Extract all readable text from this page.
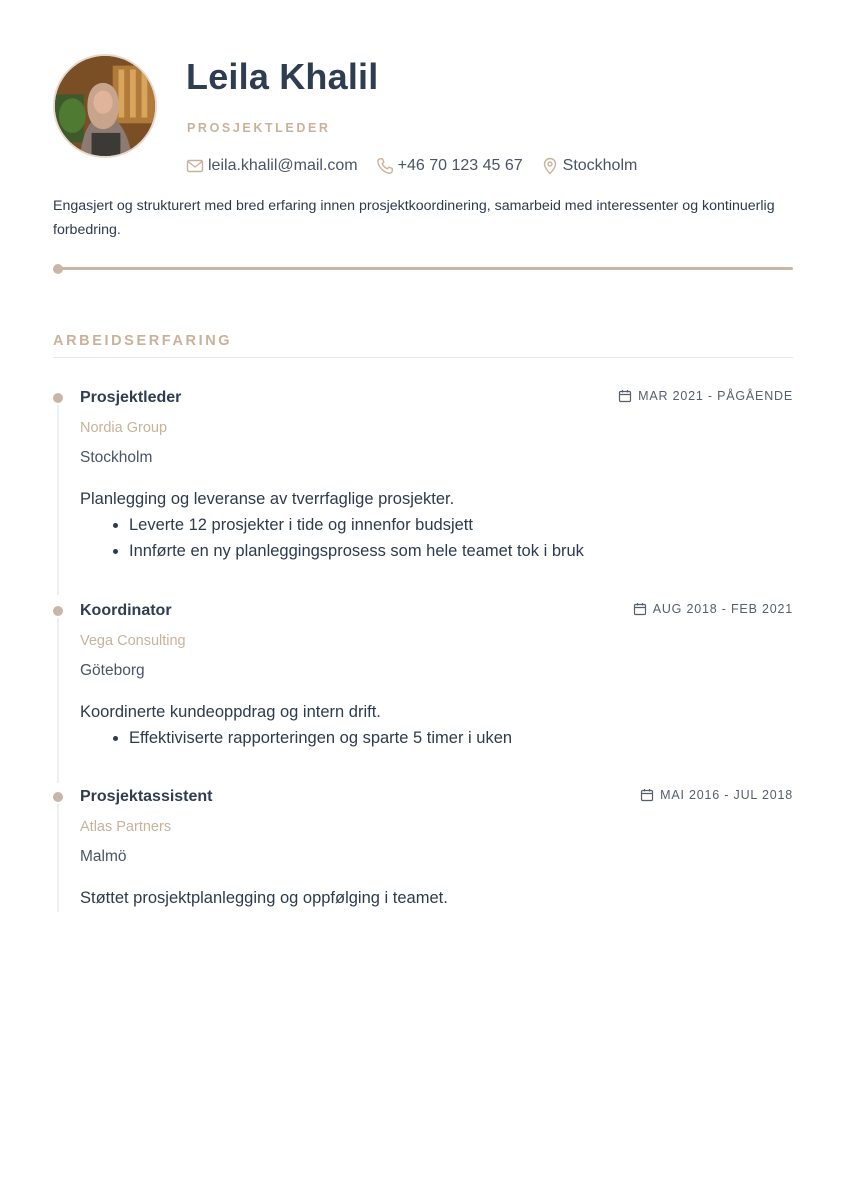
Leila Khalil
PROSJEKTLEDER
leila.khalil@mail.com	+46 70 123 45 67	Stockholm
Engasjert og strukturert med bred erfaring innen prosjektkoordinering, samarbeid med interessenter og kontinuerlig forbedring.
ARBEIDSERFARING
Prosjektleder	MAR 2021 - PÅGÅENDE
Nordia Group
Stockholm
Planlegging og leveranse av tverrfaglige prosjekter.
• Leverte 12 prosjekter i tide og innenfor budsjett
• Innførte en ny planleggingsprosess som hele teamet tok i bruk
Koordinator	AUG 2018 - FEB 2021
Vega Consulting
Göteborg
Koordinerte kundeoppdrag og intern drift.
• Effektiviserte rapporteringen og sparte 5 timer i uken
Prosjektassistent	MAI 2016 - JUL 2018
Atlas Partners
Malmö
Støttet prosjektplanlegging og oppfølging i teamet.
